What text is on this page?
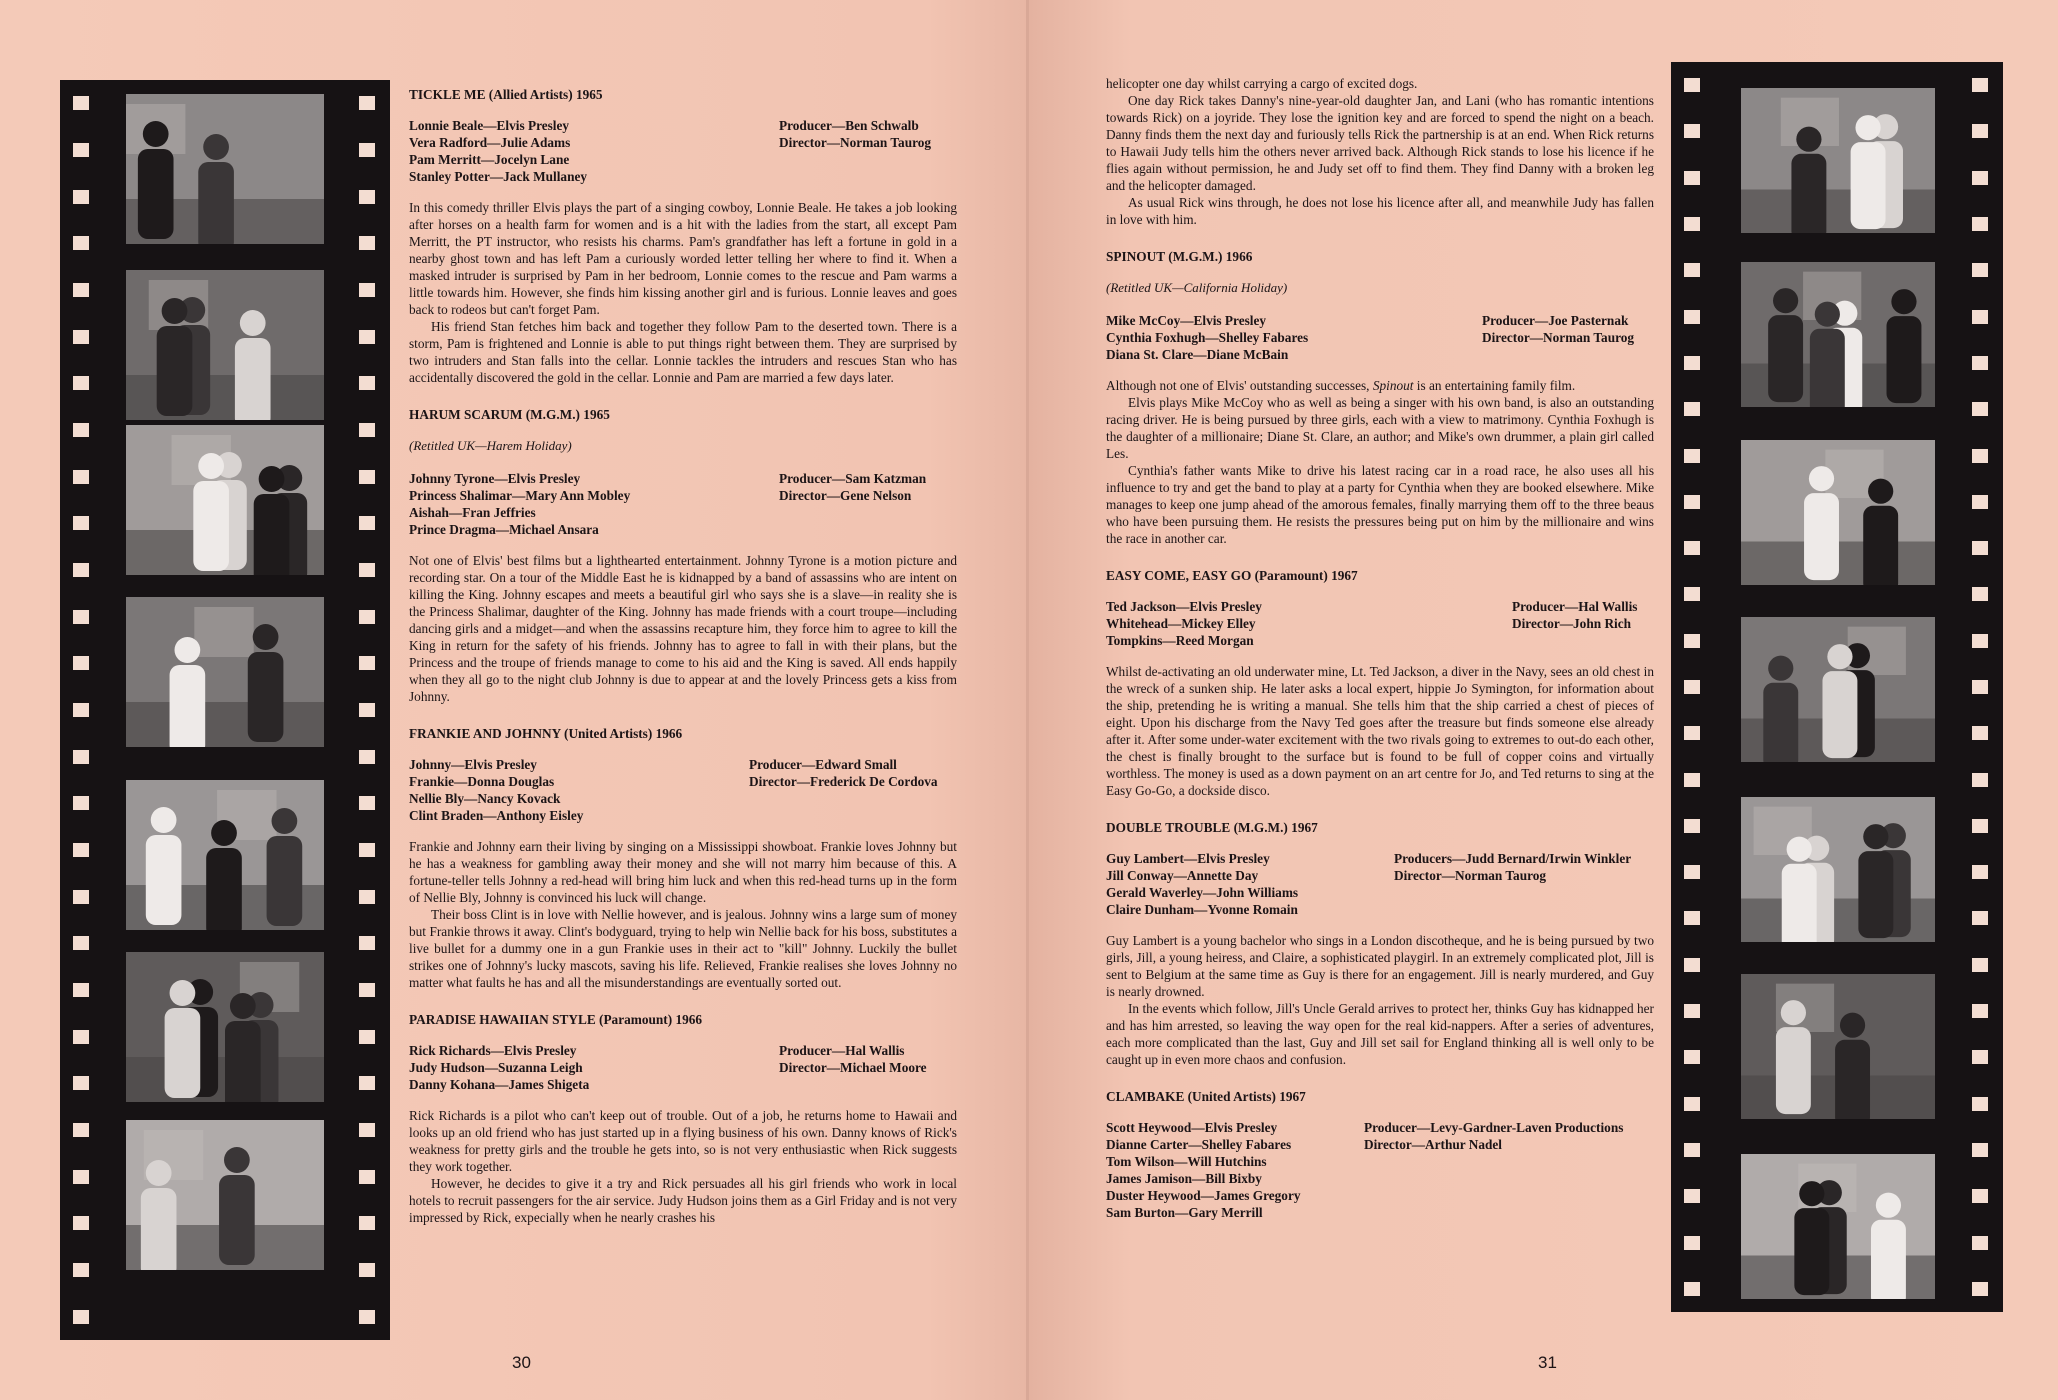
TICKLE ME (Allied Artists) 1965
Lonnie Beale—Elvis Presley
Vera Radford—Julie Adams
Pam Merritt—Jocelyn Lane
Stanley Potter—Jack Mullaney
Producer—Ben Schwalb
Director—Norman Taurog

In this comedy thriller Elvis plays the part of a singing cowboy, Lonnie Beale. He takes a job looking after horses on a health farm for women and is a hit with the ladies from the start, all except Pam Merritt, the PT instructor, who resists his charms. Pam's grandfather has left a fortune in gold in a nearby ghost town and has left Pam a curiously worded letter telling her where to find it. When a masked intruder is surprised by Pam in her bedroom, Lonnie comes to the rescue and Pam warms a little towards him. However, she finds him kissing another girl and is furious. Lonnie leaves and goes back to rodeos but can't forget Pam.

His friend Stan fetches him back and together they follow Pam to the deserted town. There is a storm, Pam is frightened and Lonnie is able to put things right between them. They are surprised by two intruders and Stan falls into the cellar. Lonnie tackles the intruders and rescues Stan who has accidentally discovered the gold in the cellar. Lonnie and Pam are married a few days later.

HARUM SCARUM (M.G.M.) 1965
(Retitled UK—Harem Holiday)
Johnny Tyrone—Elvis Presley
Princess Shalimar—Mary Ann Mobley
Aishah—Fran Jeffries
Prince Dragma—Michael Ansara
Producer—Sam Katzman
Director—Gene Nelson

Not one of Elvis' best films but a lighthearted entertainment. Johnny Tyrone is a motion picture and recording star. On a tour of the Middle East he is kidnapped by a band of assassins who are intent on killing the King. Johnny escapes and meets a beautiful girl who says she is a slave—in reality she is the Princess Shalimar, daughter of the King. Johnny has made friends with a court troupe—including dancing girls and a midget—and when the assassins recapture him, they force him to agree to kill the King in return for the safety of his friends. Johnny has to agree to fall in with their plans, but the Princess and the troupe of friends manage to come to his aid and the King is saved. All ends happily when they all go to the night club Johnny is due to appear at and the lovely Princess gets a kiss from Johnny.

FRANKIE AND JOHNNY (United Artists) 1966
Johnny—Elvis Presley
Frankie—Donna Douglas
Nellie Bly—Nancy Kovack
Clint Braden—Anthony Eisley
Producer—Edward Small
Director—Frederick De Cordova

Frankie and Johnny earn their living by singing on a Mississippi showboat. Frankie loves Johnny but he has a weakness for gambling away their money and she will not marry him because of this. A fortune-teller tells Johnny a red-head will bring him luck and when this red-head turns up in the form of Nellie Bly, Johnny is convinced his luck will change.

Their boss Clint is in love with Nellie however, and is jealous. Johnny wins a large sum of money but Frankie throws it away. Clint's bodyguard, trying to help win Nellie back for his boss, substitutes a live bullet for a dummy one in a gun Frankie uses in their act to "kill" Johnny. Luckily the bullet strikes one of Johnny's lucky mascots, saving his life. Relieved, Frankie realises she loves Johnny no matter what faults he has and all the misunderstandings are eventually sorted out.

PARADISE HAWAIIAN STYLE (Paramount) 1966
Rick Richards—Elvis Presley
Judy Hudson—Suzanna Leigh
Danny Kohana—James Shigeta
Producer—Hal Wallis
Director—Michael Moore

Rick Richards is a pilot who can't keep out of trouble. Out of a job, he returns home to Hawaii and looks up an old friend who has just started up in a flying business of his own. Danny knows of Rick's weakness for pretty girls and the trouble he gets into, so is not very enthusiastic when Rick suggests they work together.

However, he decides to give it a try and Rick persuades all his girl friends who work in local hotels to recruit passengers for the air service. Judy Hudson joins them as a Girl Friday and is not very impressed by Rick, expecially when he nearly crashes his

30	31

helicopter one day whilst carrying a cargo of excited dogs.

One day Rick takes Danny's nine-year-old daughter Jan, and Lani (who has romantic intentions towards Rick) on a joyride. They lose the ignition key and are forced to spend the night on a beach. Danny finds them the next day and furiously tells Rick the partnership is at an end. When Rick returns to Hawaii Judy tells him the others never arrived back. Although Rick stands to lose his licence if he flies again without permission, he and Judy set off to find them. They find Danny with a broken leg and the helicopter damaged.

As usual Rick wins through, he does not lose his licence after all, and meanwhile Judy has fallen in love with him.

SPINOUT (M.G.M.) 1966
(Retitled UK—California Holiday)
Mike McCoy—Elvis Presley
Cynthia Foxhugh—Shelley Fabares
Diana St. Clare—Diane McBain
Producer—Joe Pasternak
Director—Norman Taurog

Although not one of Elvis' outstanding successes, Spinout is an entertaining family film.

Elvis plays Mike McCoy who as well as being a singer with his own band, is also an outstanding racing driver. He is being pursued by three girls, each with a view to matrimony. Cynthia Foxhugh is the daughter of a millionaire; Diane St. Clare, an author; and Mike's own drummer, a plain girl called Les.

Cynthia's father wants Mike to drive his latest racing car in a road race, he also uses all his influence to try and get the band to play at a party for Cynthia when they are booked elsewhere. Mike manages to keep one jump ahead of the amorous females, finally marrying them off to the three beaus who have been pursuing them. He resists the pressures being put on him by the millionaire and wins the race in another car.

EASY COME, EASY GO (Paramount) 1967
Ted Jackson—Elvis Presley
Whitehead—Mickey Elley
Tompkins—Reed Morgan
Producer—Hal Wallis
Director—John Rich

Whilst de-activating an old underwater mine, Lt. Ted Jackson, a diver in the Navy, sees an old chest in the wreck of a sunken ship. He later asks a local expert, hippie Jo Symington, for information about the ship, pretending he is writing a manual. She tells him that the ship carried a chest of pieces of eight. Upon his discharge from the Navy Ted goes after the treasure but finds someone else already after it. After some under-water excitement with the two rivals going to extremes to out-do each other, the chest is finally brought to the surface but is found to be full of copper coins and virtually worthless. The money is used as a down payment on an art centre for Jo, and Ted returns to sing at the Easy Go-Go, a dockside disco.

DOUBLE TROUBLE (M.G.M.) 1967
Guy Lambert—Elvis Presley
Jill Conway—Annette Day
Gerald Waverley—John Williams
Claire Dunham—Yvonne Romain
Producers—Judd Bernard/Irwin Winkler
Director—Norman Taurog

Guy Lambert is a young bachelor who sings in a London discotheque, and he is being pursued by two girls, Jill, a young heiress, and Claire, a sophisticated playgirl. In an extremely complicated plot, Jill is sent to Belgium at the same time as Guy is there for an engagement. Jill is nearly murdered, and Guy is nearly drowned.

In the events which follow, Jill's Uncle Gerald arrives to protect her, thinks Guy has kidnapped her and has him arrested, so leaving the way open for the real kid-nappers. After a series of adventures, each more complicated than the last, Guy and Jill set sail for England thinking all is well only to be caught up in even more chaos and confusion.

CLAMBAKE (United Artists) 1967
Scott Heywood—Elvis Presley
Dianne Carter—Shelley Fabares
Tom Wilson—Will Hutchins
James Jamison—Bill Bixby
Duster Heywood—James Gregory
Sam Burton—Gary Merrill
Producer—Levy-Gardner-Laven Productions
Director—Arthur Nadel
